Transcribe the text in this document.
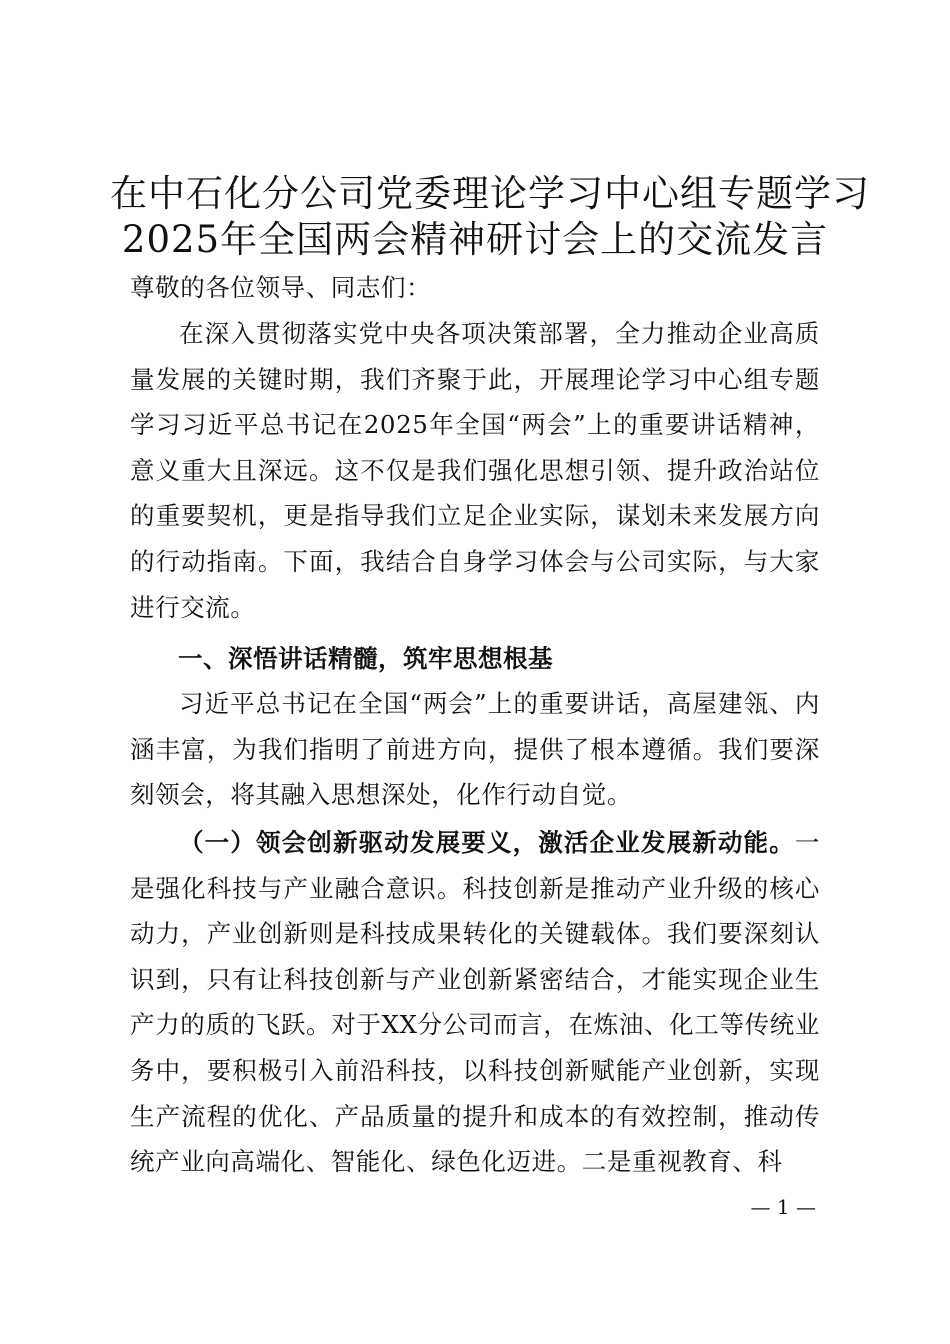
在中石化分公司党委理论学习中心组专题学习
2025年全国两会精神研讨会上的交流发言
尊敬的各位领导、同志们：
在深入贯彻落实党中央各项决策部署，全力推动企业高质量发展的关键时期，我们齐聚于此，开展理论学习中心组专题学习习近平总书记在2025年全国“两会”上的重要讲话精神，意义重大且深远。这不仅是我们强化思想引领、提升政治站位的重要契机，更是指导我们立足企业实际，谋划未来发展方向的行动指南。下面，我结合自身学习体会与公司实际，与大家进行交流。
一、深悟讲话精髓，筑牢思想根基
习近平总书记在全国“两会”上的重要讲话，高屋建瓴、内涵丰富，为我们指明了前进方向，提供了根本遵循。我们要深刻领会，将其融入思想深处，化作行动自觉。
（一）领会创新驱动发展要义，激活企业发展新动能。一是强化科技与产业融合意识。科技创新是推动产业升级的核心动力，产业创新则是科技成果转化的关键载体。我们要深刻认识到，只有让科技创新与产业创新紧密结合，才能实现企业生产力的质的飞跃。对于XX分公司而言，在炼油、化工等传统业务中，要积极引入前沿科技，以科技创新赋能产业创新，实现生产流程的优化、产品质量的提升和成本的有效控制，推动传统产业向高端化、智能化、绿色化迈进。二是重视教育、科
— 1 —
